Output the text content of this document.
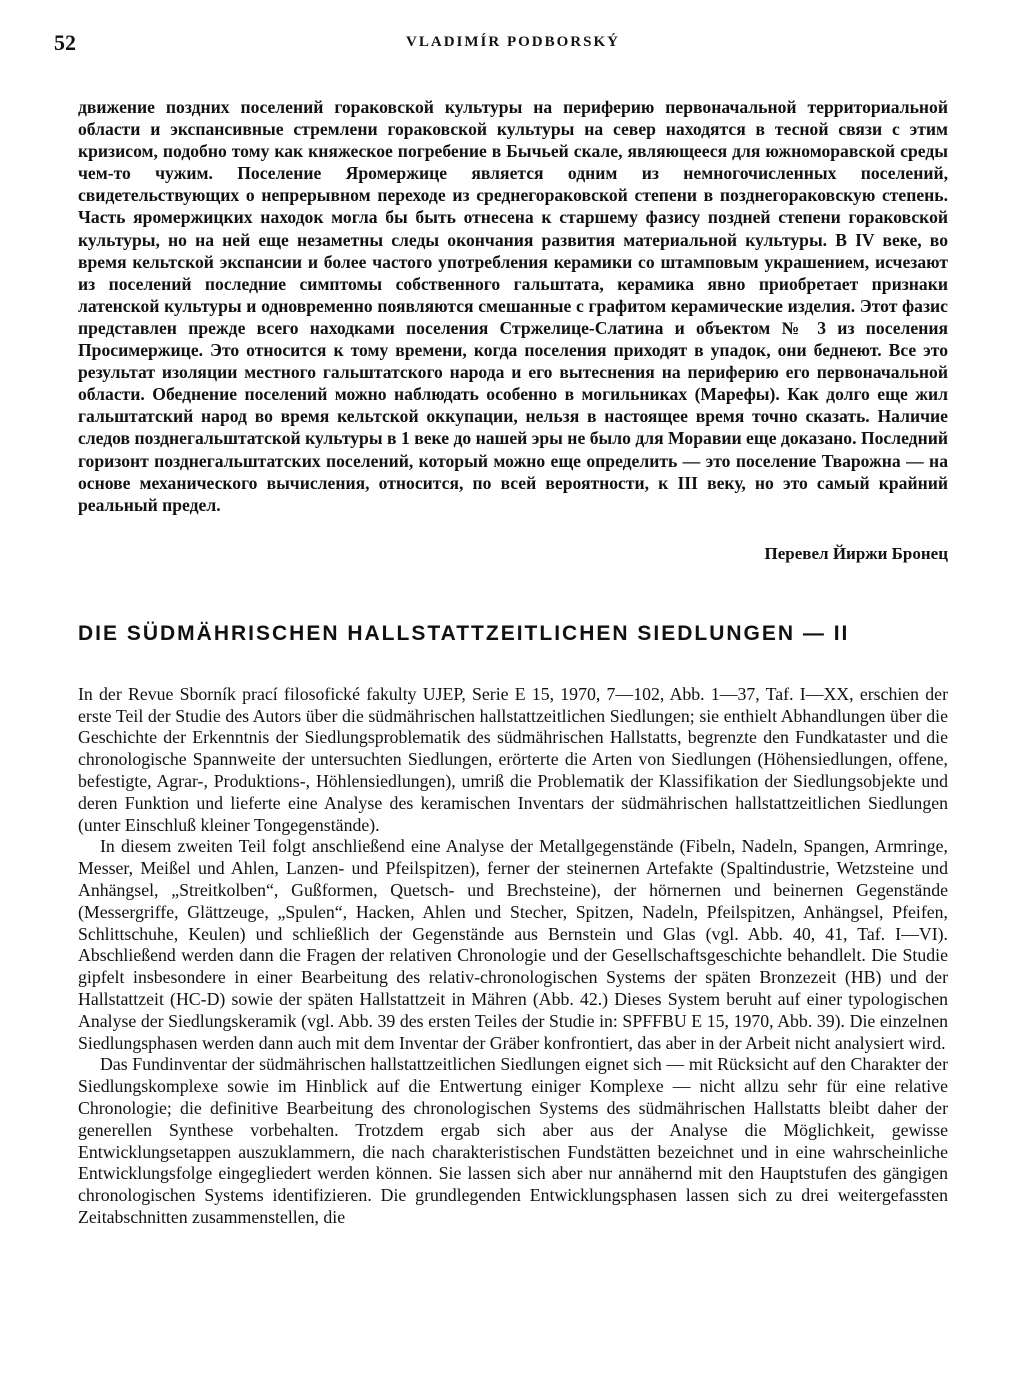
52	VLADIMÍR PODBORSKÝ

движение поздних поселений гораковской культуры на периферию первоначальной территориальной области и экспансивные стремлени гораковской культуры на север находятся в тесной связи с этим кризисом, подобно тому как княжеское погребение в Бычьей скале, являющееся для южноморавской среды чем-то чужим. Поселение Яромержице является одним из немногочисленных поселений, свидетельствующих о непрерывном переходе из среднегораковской степени в позднегораковскую степень. Часть яромержицких находок могла бы быть отнесена к старшему фазису поздней степени гораковской культуры, но на ней еще незаметны следы окончания развития материальной культуры. В IV веке, во время кельтской экспансии и более частого употребления керамики со штамповым украшением, исчезают из поселений последние симптомы собственного гальштата, керамика явно приобретает признаки латенской культуры и одновременно появляются смешанные с графитом керамические изделия. Этот фазис представлен прежде всего находками поселения Стржелице-Слатина и объектом № 3 из поселения Просимержице. Это относится к тому времени, когда поселения приходят в упадок, они беднеют. Все это результат изоляции местного гальштатского народа и его вытеснения на периферию его первоначальной области. Обеднение поселений можно наблюдать особенно в могильниках (Марефы). Как долго еще жил гальштатский народ во время кельтской оккупации, нельзя в настоящее время точно сказать. Наличие следов позднегальштатской культуры в 1 веке до нашей эры не было для Моравии еще доказано. Последний горизонт позднегальштатских поселений, который можно еще определить — это поселение Тварожна — на основе механического вычисления, относится, по всей вероятности, к III веку, но это самый крайний реальный предел.

Перевел Йиржи Бронец
DIE SÜDMÄHRISCHEN HALLSTATTZEITLICHEN SIEDLUNGEN — II

In der Revue Sborník prací filosofické fakulty UJEP, Serie E 15, 1970, 7—102, Abb. 1—37, Taf. I—XX, erschien der erste Teil der Studie des Autors über die südmährischen hallstattzeitlichen Siedlungen; sie enthielt Abhandlungen über die Geschichte der Erkenntnis der Siedlungsproblematik des südmährischen Hallstatts, begrenzte den Fundkataster und die chronologische Spannweite der untersuchten Siedlungen, erörterte die Arten von Siedlungen (Höhensiedlungen, offene, befestigte, Agrar-, Produktions-, Höhlensiedlungen), umriß die Problematik der Klassifikation der Siedlungsobjekte und deren Funktion und lieferte eine Analyse des keramischen Inventars der südmährischen hallstattzeitlichen Siedlungen (unter Einschluß kleiner Tongegenstände).

In diesem zweiten Teil folgt anschließend eine Analyse der Metallgegenstände (Fibeln, Nadeln, Spangen, Armringe, Messer, Meißel und Ahlen, Lanzen- und Pfeilspitzen), ferner der steinernen Artefakte (Spaltindustrie, Wetzsteine und Anhängsel, „Streitkolben“, Gußformen, Quetsch- und Brechsteine), der hörnernen und beinernen Gegenstände (Messergriffe, Glättzeuge, „Spulen“, Hacken, Ahlen und Stecher, Spitzen, Nadeln, Pfeilspitzen, Anhängsel, Pfeifen, Schlittschuhe, Keulen) und schließlich der Gegenstände aus Bernstein und Glas (vgl. Abb. 40, 41, Taf. I—VI). Abschließend werden dann die Fragen der relativen Chronologie und der Gesellschaftsgeschichte behandlelt. Die Studie gipfelt insbesondere in einer Bearbeitung des relativ-chronologischen Systems der späten Bronzezeit (HB) und der Hallstattzeit (HC-D) sowie der späten Hallstattzeit in Mähren (Abb. 42.) Dieses System beruht auf einer typologischen Analyse der Siedlungskeramik (vgl. Abb. 39 des ersten Teiles der Studie in: SPFFBU E 15, 1970, Abb. 39). Die einzelnen Siedlungsphasen werden dann auch mit dem Inventar der Gräber konfrontiert, das aber in der Arbeit nicht analysiert wird.

Das Fundinventar der südmährischen hallstattzeitlichen Siedlungen eignet sich — mit Rücksicht auf den Charakter der Siedlungskomplexe sowie im Hinblick auf die Entwertung einiger Komplexe — nicht allzu sehr für eine relative Chronologie; die definitive Bearbeitung des chronologischen Systems des südmährischen Hallstatts bleibt daher der generellen Synthese vorbehalten. Trotzdem ergab sich aber aus der Analyse die Möglichkeit, gewisse Entwicklungsetappen auszuklammern, die nach charakteristischen Fundstätten bezeichnet und in eine wahrscheinliche Entwicklungsfolge eingegliedert werden können. Sie lassen sich aber nur annähernd mit den Hauptstufen des gängigen chronologischen Systems identifizieren. Die grundlegenden Entwicklungsphasen lassen sich zu drei weitergefassten Zeitabschnitten zusammenstellen, die
